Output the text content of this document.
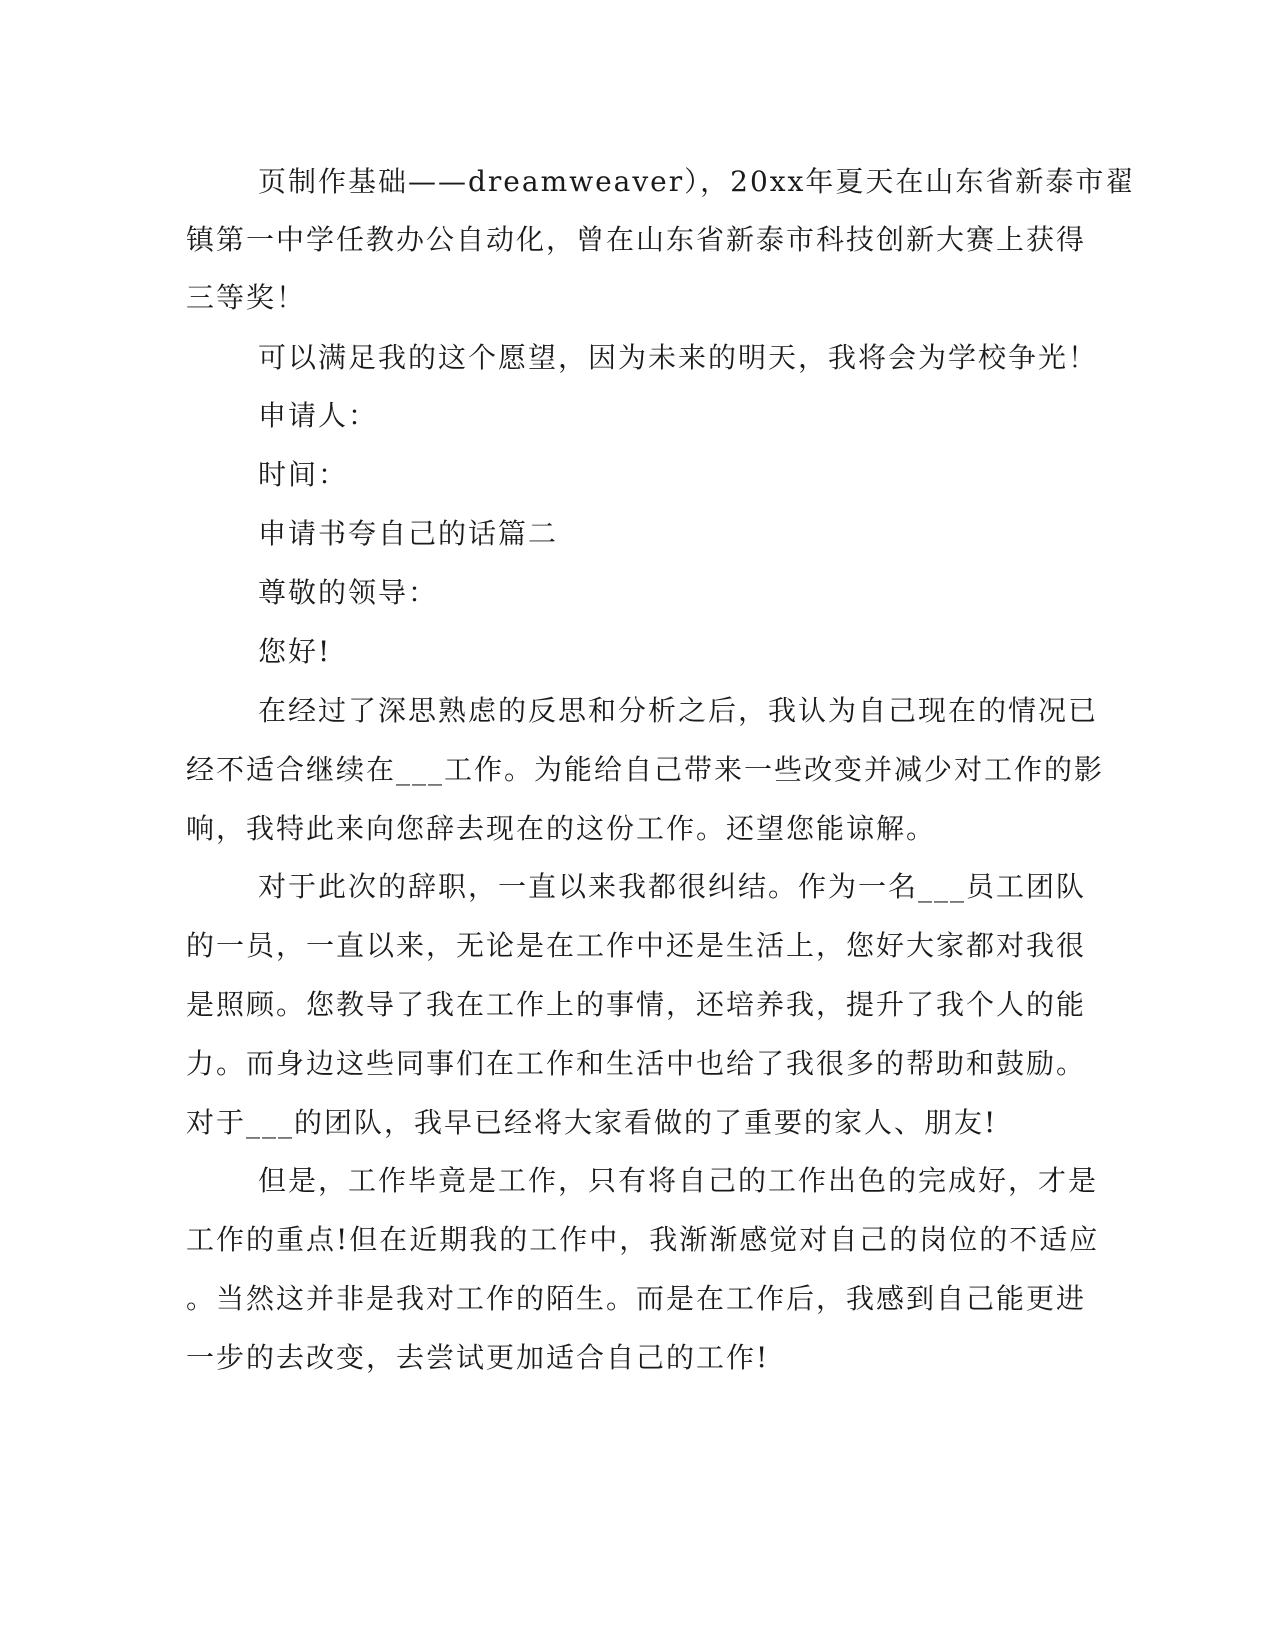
页制作基础——dreamweaver），20xx年夏天在山东省新泰市翟
镇第一中学任教办公自动化，曾在山东省新泰市科技创新大赛上获得
三等奖！
可以满足我的这个愿望，因为未来的明天，我将会为学校争光！
申请人：
时间：
申请书夸自己的话篇二
尊敬的领导：
您好!
在经过了深思熟虑的反思和分析之后，我认为自己现在的情况已
经不适合继续在___工作。为能给自己带来一些改变并减少对工作的影
响，我特此来向您辞去现在的这份工作。还望您能谅解。
对于此次的辞职，一直以来我都很纠结。作为一名___员工团队
的一员，一直以来，无论是在工作中还是生活上，您好大家都对我很
是照顾。您教导了我在工作上的事情，还培养我，提升了我个人的能
力。而身边这些同事们在工作和生活中也给了我很多的帮助和鼓励。
对于___的团队，我早已经将大家看做的了重要的家人、朋友!
但是，工作毕竟是工作，只有将自己的工作出色的完成好，才是
工作的重点!但在近期我的工作中，我渐渐感觉对自己的岗位的不适应
。当然这并非是我对工作的陌生。而是在工作后，我感到自己能更进
一步的去改变，去尝试更加适合自己的工作!
